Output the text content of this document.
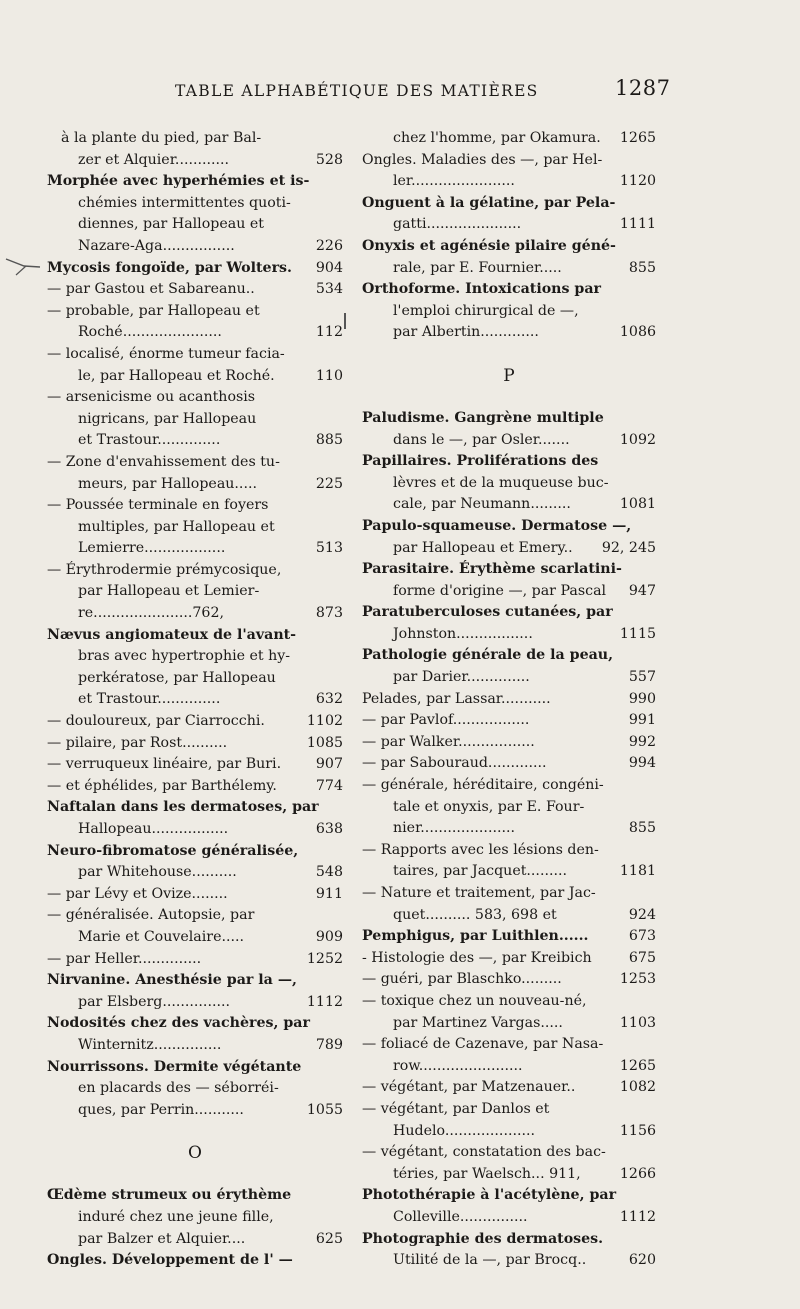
TABLE ALPHABÉTIQUE DES MATIÈRES	1287
à la plante du pied, par Bal-
zer et Alquier............	528
Morphée avec hyperhémies et is-
chémies intermittentes quoti-
diennes, par Hallopeau et
Nazare-Aga................	226
Mycosis fongoïde, par Wolters. 904
— par Gastou et Sabareanu..	534
— probable, par Hallopeau et
Roché......................	112
— localisé, énorme tumeur facia-
le, par Hallopeau et Roché.	110
— arsenicisme ou acanthosis
nigricans, par Hallopeau
et Trastour..............	885
— Zone d'envahissement des tu-
meurs, par Hallopeau.....	225
— Poussée terminale en foyers
multiples, par Hallopeau et
Lemierre..................	513
— Érythrodermie prémycosique,
par Hallopeau et Lemier-
re......................762,	873
Nævus angiomateux de l'avant-
bras avec hypertrophie et hy-
perkératose, par Hallopeau
et Trastour..............	632
— douloureux, par Ciarrocchi.	1102
— pilaire, par Rost..........	1085
— verruqueux linéaire, par Buri. 907
— et éphélides, par Barthélemy.	774
Naftalan dans les dermatoses, par
Hallopeau.................	638
Neuro-fibromatose généralisée,
par Whitehouse..........	548
— par Lévy et Ovize........	911
— généralisée. Autopsie, par
Marie et Couvelaire.....	909
— par Heller..............	1252
Nirvanine. Anesthésie par la —,
par Elsberg...............	1112
Nodosités chez des vachères, par
Winternitz...............	789
Nourrissons. Dermite végétante
en placards des — séborréi-
ques, par Perrin...........	1055
O
Œdème strumeux ou érythème
induré chez une jeune fille,
par Balzer et Alquier....	625
Ongles. Développement de l' —
chez l'homme, par Okamura. 1265
Ongles. Maladies des —, par Hel-
ler.......................	1120
Onguent à la gélatine, par Pela-
gatti.....................	1111
Onyxis et agénésie pilaire géné-
rale, par E. Fournier.....	855
Orthoforme. Intoxications par
l'emploi chirurgical de —,
par Albertin.............	1086
P
Paludisme. Gangrène multiple
dans le —, par Osler.......	1092
Papillaires. Proliférations des
lèvres et de la muqueuse buc-
cale, par Neumann.........	1081
Papulo-squameuse. Dermatose —,
par Hallopeau et Emery.. 92, 245
Parasitaire. Érythème scarlatini-
forme d'origine —, par Pascal 947
Paratuberculoses cutanées, par
Johnston.................	1115
Pathologie générale de la peau,
par Darier..............	557
Pelades, par Lassar...........	990
— par Pavlof.................	991
— par Walker.................	992
— par Sabouraud.............	994
— générale, héréditaire, congéni-
tale et onyxis, par E. Four-
nier.....................	855
— Rapports avec les lésions den-
taires, par Jacquet.........	1181
— Nature et traitement, par Jac-
quet.......... 583, 698 et	924
Pemphigus, par Luithlen......	673
- Histologie des —, par Kreibich	675
— guéri, par Blaschko.........	1253
— toxique chez un nouveau-né,
par Martinez Vargas.....	1103
— foliacé de Cazenave, par Nasa-
row.......................	1265
— végétant, par Matzenauer..	1082
— végétant, par Danlos et
Hudelo....................	1156
— végétant, constatation des bac-
téries, par Waelsch... 911,	1266
Photothérapie à l'acétylène, par
Colleville...............	1112
Photographie des dermatoses.
Utilité de la —, par Brocq..	620
